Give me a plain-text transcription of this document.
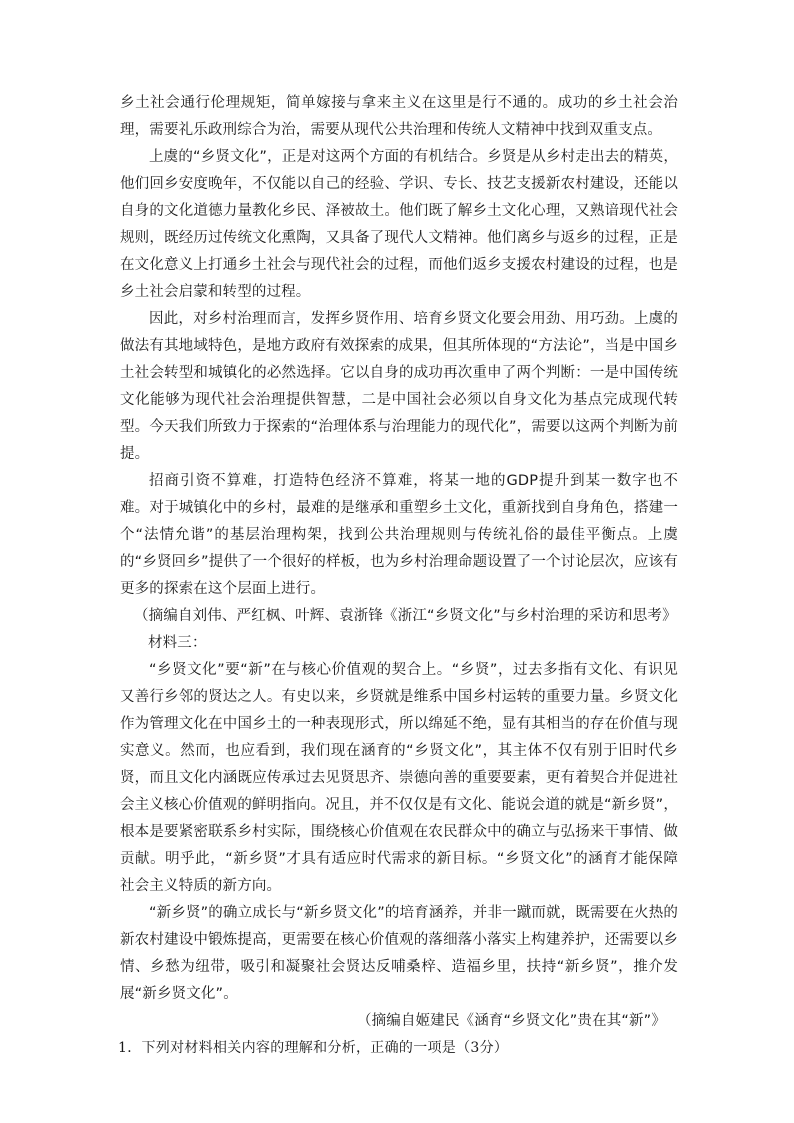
乡土社会通行伦理规矩，简单嫁接与拿来主义在这里是行不通的。成功的乡土社会治理，需要礼乐政刑综合为治，需要从现代公共治理和传统人文精神中找到双重支点。

上虞的“乡贤文化”，正是对这两个方面的有机结合。乡贤是从乡村走出去的精英，他们回乡安度晚年，不仅能以自己的经验、学识、专长、技艺支援新农村建设，还能以自身的文化道德力量教化乡民、泽被故土。他们既了解乡土文化心理，又熟谙现代社会规则，既经历过传统文化熏陶，又具备了现代人文精神。他们离乡与返乡的过程，正是在文化意义上打通乡土社会与现代社会的过程，而他们返乡支援农村建设的过程，也是乡土社会启蒙和转型的过程。

因此，对乡村治理而言，发挥乡贤作用、培育乡贤文化要会用劲、用巧劲。上虞的做法有其地域特色，是地方政府有效探索的成果，但其所体现的“方法论”，当是中国乡土社会转型和城镇化的必然选择。它以自身的成功再次重申了两个判断：一是中国传统文化能够为现代社会治理提供智慧，二是中国社会必须以自身文化为基点完成现代转型。今天我们所致力于探索的“治理体系与治理能力的现代化”，需要以这两个判断为前提。

招商引资不算难，打造特色经济不算难，将某一地的GDP提升到某一数字也不难。对于城镇化中的乡村，最难的是继承和重塑乡土文化，重新找到自身角色，搭建一个“法情允谐”的基层治理构架，找到公共治理规则与传统礼俗的最佳平衡点。上虞的“乡贤回乡”提供了一个很好的样板，也为乡村治理命题设置了一个讨论层次，应该有更多的探索在这个层面上进行。

（摘编自刘伟、严红枫、叶辉、袁浙锋《浙江“乡贤文化”与乡村治理的采访和思考》

材料三：

“乡贤文化”要“新”在与核心价值观的契合上。“乡贤”，过去多指有文化、有识见又善行乡邻的贤达之人。有史以来，乡贤就是维系中国乡村运转的重要力量。乡贤文化作为管理文化在中国乡土的一种表现形式，所以绵延不绝，显有其相当的存在价值与现实意义。然而，也应看到，我们现在涵育的“乡贤文化”，其主体不仅有别于旧时代乡贤，而且文化内涵既应传承过去见贤思齐、崇德向善的重要要素，更有着契合并促进社会主义核心价值观的鲜明指向。况且，并不仅仅是有文化、能说会道的就是“新乡贤”，根本是要紧密联系乡村实际，围绕核心价值观在农民群众中的确立与弘扬来干事情、做贡献。明乎此，“新乡贤”才具有适应时代需求的新目标。“乡贤文化”的涵育才能保障社会主义特质的新方向。

“新乡贤”的确立成长与“新乡贤文化”的培育涵养，并非一蹴而就，既需要在火热的新农村建设中锻炼提高，更需要在核心价值观的落细落小落实上构建养护，还需要以乡情、乡愁为纽带，吸引和凝聚社会贤达反哺桑梓、造福乡里，扶持“新乡贤”，推介发展“新乡贤文化”。

（摘编自姬建民《涵育“乡贤文化”贵在其“新”》

1．下列对材料相关内容的理解和分析，正确的一项是（3分）
